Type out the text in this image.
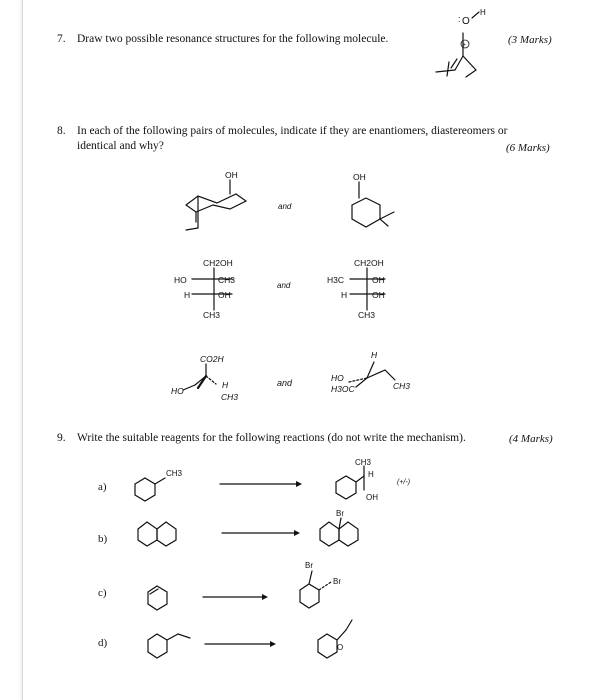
7. Draw two possible resonance structures for the following molecule.	(3 Marks)
8. In each of the following pairs of molecules, indicate if they are enantiomers, diastereomers or
identical and why?	(6 Marks)
9. Write the suitable reagents for the following reactions (do not write the mechanism).	(4 Marks)
a)
b)
c)
d)
: O
H
+
OH	OH
CH2OH
HO	CH3
H	OH
CH3
CH2OH
H3C	OH
H	OH
CH3
CO2H
HO
H
CH3
H
HO
H3OC	CH3
CH3
CH3
H
OH
(+/-)
Br
Br
Br
O
and
and
and
